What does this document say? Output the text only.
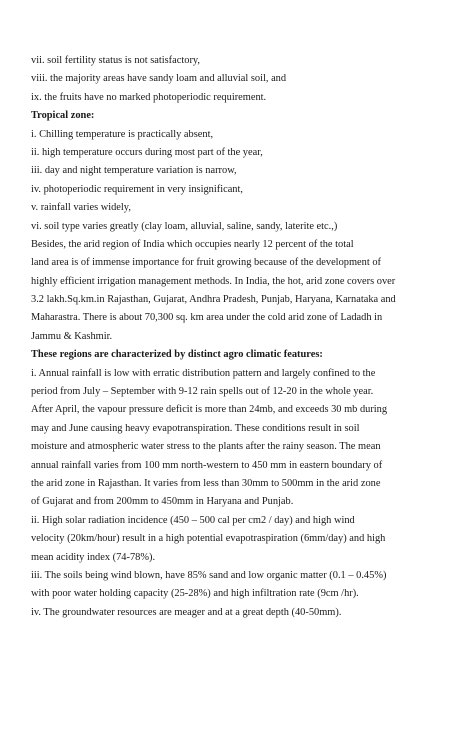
vii. soil fertility status is not satisfactory,
viii. the majority areas have sandy loam and alluvial soil, and
ix. the fruits have no marked photoperiodic requirement.
Tropical zone:
i. Chilling temperature is practically absent,
ii. high temperature occurs during most part of the year,
iii. day and night temperature variation is narrow,
iv. photoperiodic requirement in very insignificant,
v. rainfall varies widely,
vi. soil type varies greatly (clay loam, alluvial, saline, sandy, laterite etc.,)
Besides, the arid region of India which occupies nearly 12 percent of the total
land area is of immense importance for fruit growing because of the development of
highly efficient irrigation management methods. In India, the hot, arid zone covers over
3.2 lakh.Sq.km.in Rajasthan, Gujarat, Andhra Pradesh, Punjab, Haryana, Karnataka and
Maharastra. There is about 70,300 sq. km area under the cold arid zone of Ladadh in
Jammu & Kashmir.
These regions are characterized by distinct agro climatic features:
i. Annual rainfall is low with erratic distribution pattern and largely confined to the
period from July – September with 9-12 rain spells out of 12-20 in the whole year.
After April, the vapour pressure deficit is more than 24mb, and exceeds 30 mb during
may and June causing heavy evapotranspiration. These conditions result in soil
moisture and atmospheric water stress to the plants after the rainy season. The mean
annual rainfall varies from 100 mm north-western to 450 mm in eastern boundary of
the arid zone in Rajasthan. It varies from less than 30mm to 500mm in the arid zone
of Gujarat and from 200mm to 450mm in Haryana and Punjab.
ii. High solar radiation incidence (450 – 500 cal per cm2 / day) and high wind
velocity (20km/hour) result in a high potential evapotraspiration (6mm/day) and high
mean acidity index (74-78%).
iii. The soils being wind blown, have 85% sand and low organic matter (0.1 – 0.45%)
with poor water holding capacity (25-28%) and high infiltration rate (9cm /hr).
iv. The groundwater resources are meager and at a great depth (40-50mm).
